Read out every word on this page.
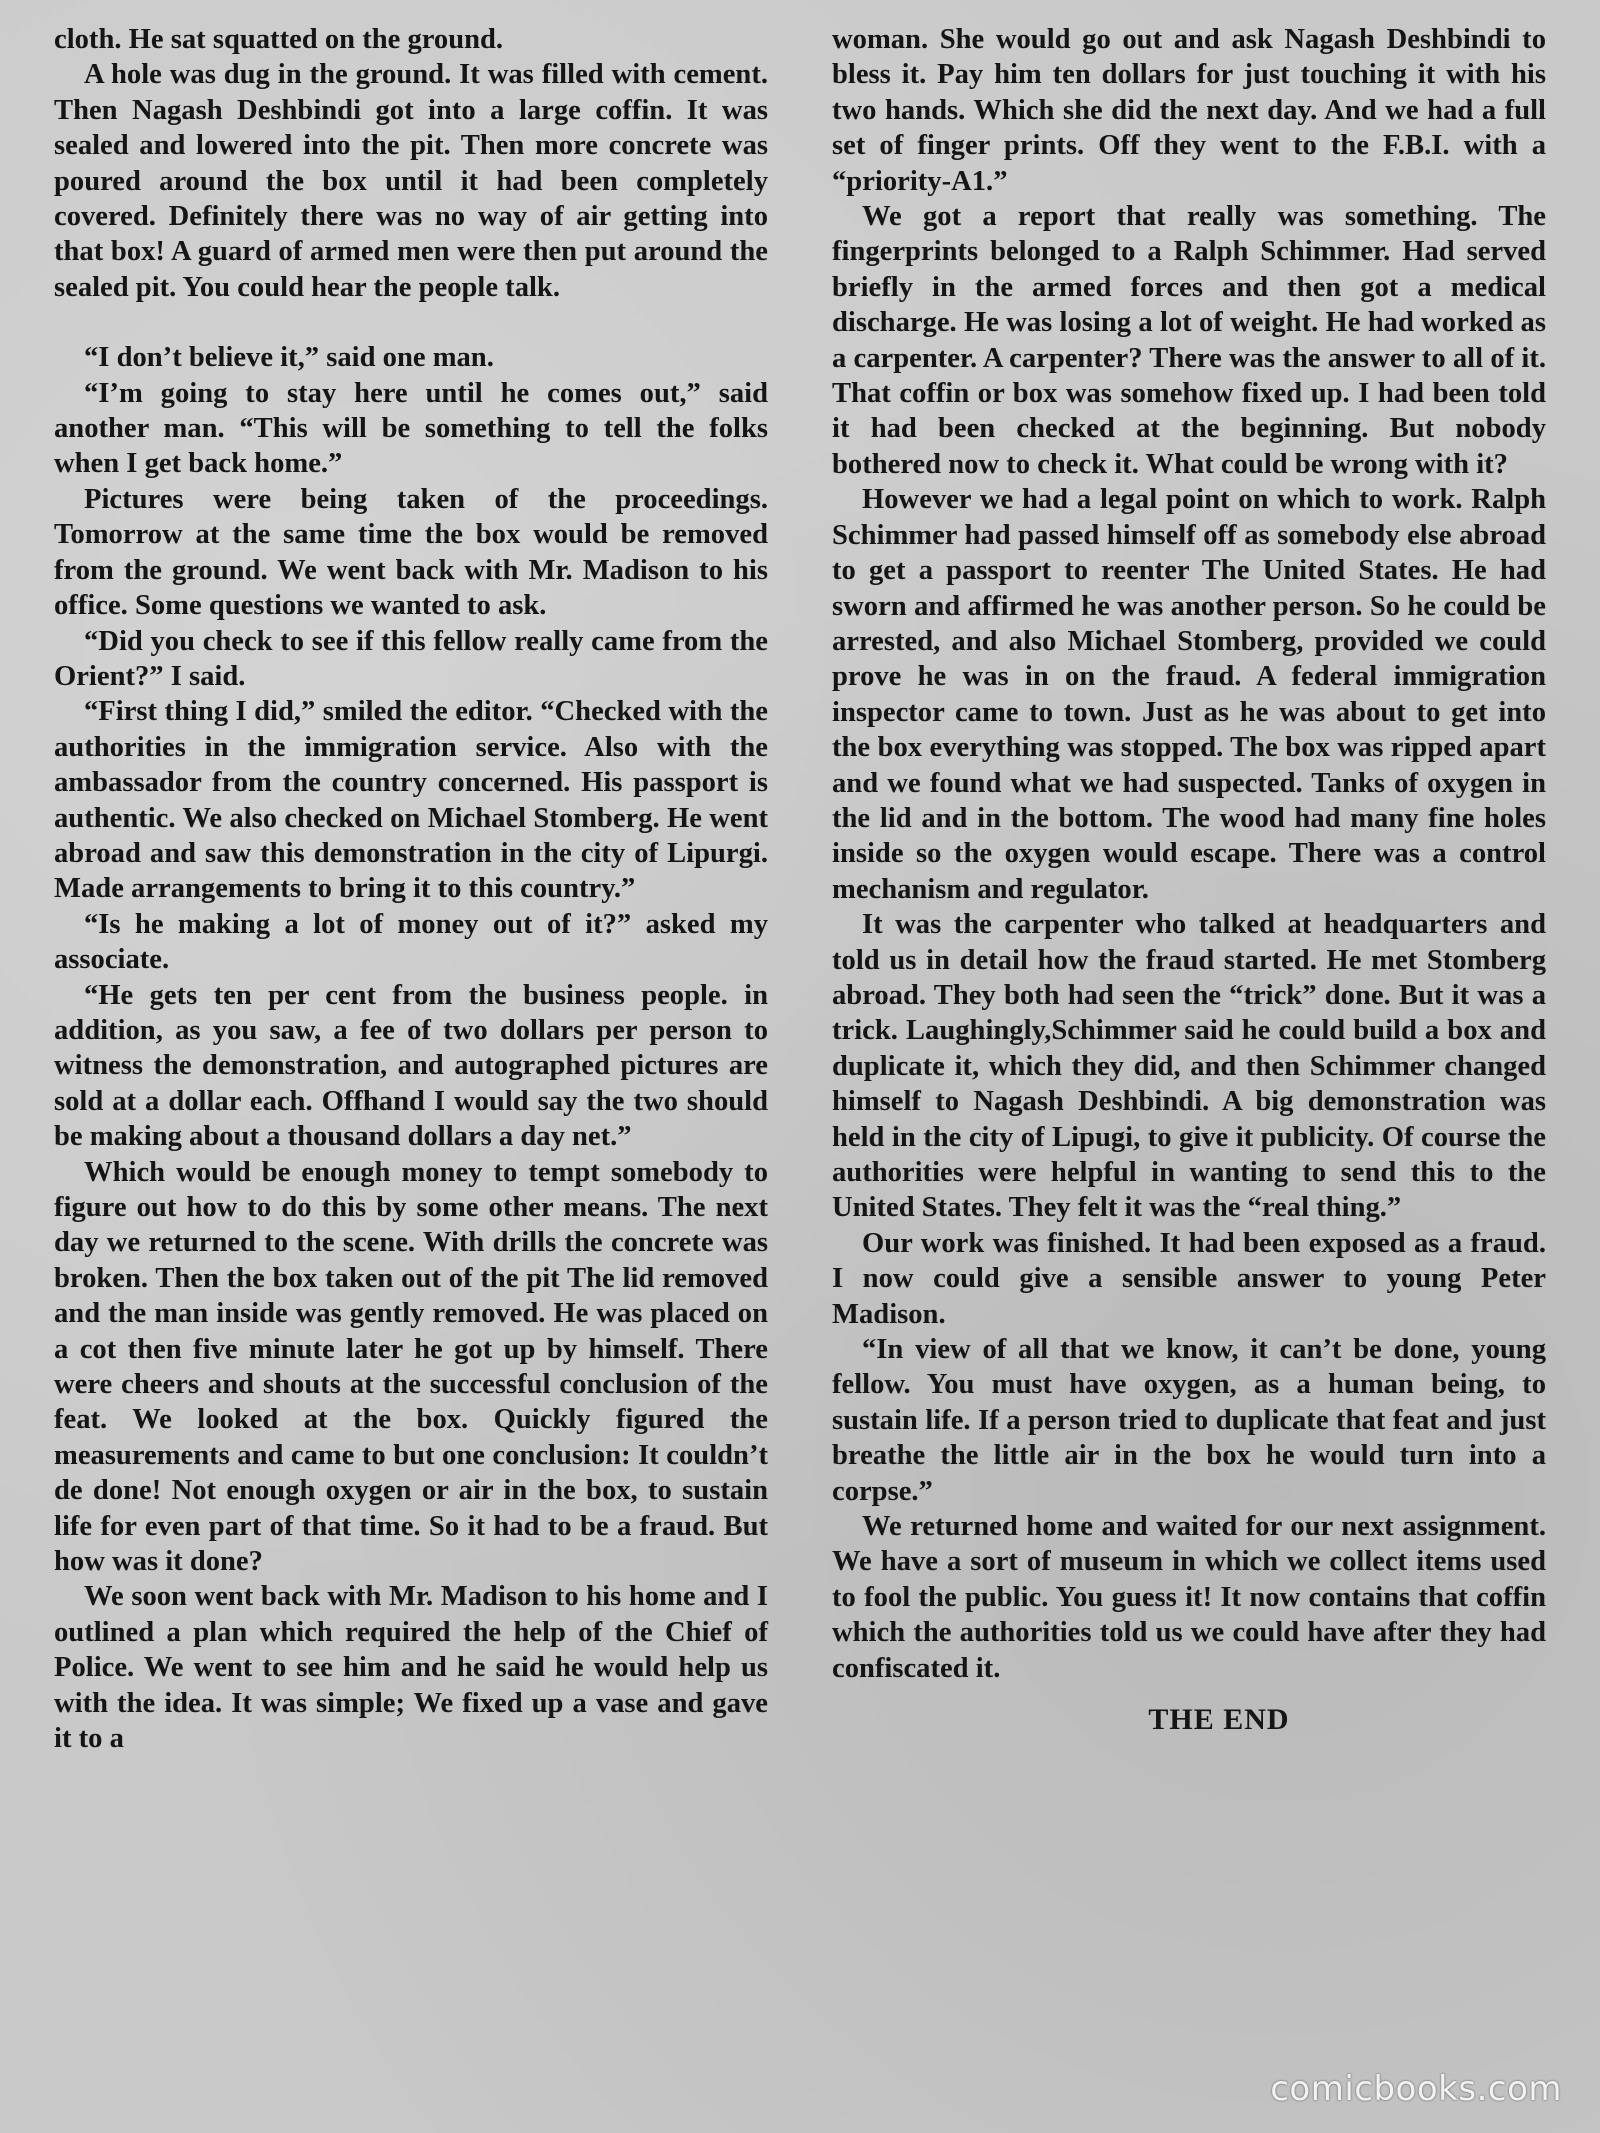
cloth. He sat squatted on the ground.

A hole was dug in the ground. It was filled with cement. Then Nagash Deshbindi got into a large coffin. It was sealed and lowered into the pit. Then more concrete was poured around the box until it had been completely covered. Definitely there was no way of air getting into that box! A guard of armed men were then put around the sealed pit. You could hear the people talk.

“I don’t believe it,” said one man.

“I’m going to stay here until he comes out,” said another man. “This will be something to tell the folks when I get back home.”

Pictures were being taken of the proceedings. Tomorrow at the same time the box would be removed from the ground. We went back with Mr. Madison to his office. Some questions we wanted to ask.

“Did you check to see if this fellow really came from the Orient?” I said.

“First thing I did,” smiled the editor. “Checked with the authorities in the immigration service. Also with the ambassador from the country concerned. His passport is authentic. We also checked on Michael Stomberg. He went abroad and saw this demonstration in the city of Lipurgi. Made arrangements to bring it to this country.”

“Is he making a lot of money out of it?” asked my associate.

“He gets ten per cent from the business people. in addition, as you saw, a fee of two dollars per person to witness the demonstration, and autographed pictures are sold at a dollar each. Offhand I would say the two should be making about a thousand dollars a day net.”

Which would be enough money to tempt somebody to figure out how to do this by some other means. The next day we returned to the scene. With drills the concrete was broken. Then the box taken out of the pit The lid removed and the man inside was gently removed. He was placed on a cot then five minute later he got up by himself. There were cheers and shouts at the successful conclusion of the feat. We looked at the box. Quickly figured the measurements and came to but one conclusion: It couldn’t de done! Not enough oxygen or air in the box, to sustain life for even part of that time. So it had to be a fraud. But how was it done?

We soon went back with Mr. Madison to his home and I outlined a plan which required the help of the Chief of Police. We went to see him and he said he would help us with the idea. It was simple; We fixed up a vase and gave it to a

woman. She would go out and ask Nagash Deshbindi to bless it. Pay him ten dollars for just touching it with his two hands. Which she did the next day. And we had a full set of finger prints. Off they went to the F.B.I. with a “priority-A1.”

We got a report that really was something. The fingerprints belonged to a Ralph Schimmer. Had served briefly in the armed forces and then got a medical discharge. He was losing a lot of weight. He had worked as a carpenter. A carpenter? There was the answer to all of it. That coffin or box was somehow fixed up. I had been told it had been checked at the beginning. But nobody bothered now to check it. What could be wrong with it?

However we had a legal point on which to work. Ralph Schimmer had passed himself off as somebody else abroad to get a passport to reenter The United States. He had sworn and affirmed he was another person. So he could be arrested, and also Michael Stomberg, provided we could prove he was in on the fraud. A federal immigration inspector came to town. Just as he was about to get into the box everything was stopped. The box was ripped apart and we found what we had suspected. Tanks of oxygen in the lid and in the bottom. The wood had many fine holes inside so the oxygen would escape. There was a control mechanism and regulator.

It was the carpenter who talked at headquarters and told us in detail how the fraud started. He met Stomberg abroad. They both had seen the “trick” done. But it was a trick. Laughingly,Schimmer said he could build a box and duplicate it, which they did, and then Schimmer changed himself to Nagash Deshbindi. A big demonstration was held in the city of Lipugi, to give it publicity. Of course the authorities were helpful in wanting to send this to the United States. They felt it was the “real thing.”

Our work was finished. It had been exposed as a fraud. I now could give a sensible answer to young Peter Madison.

“In view of all that we know, it can’t be done, young fellow. You must have oxygen, as a human being, to sustain life. If a person tried to duplicate that feat and just breathe the little air in the box he would turn into a corpse.”

We returned home and waited for our next assignment. We have a sort of museum in which we collect items used to fool the public. You guess it! It now contains that coffin which the authorities told us we could have after they had confiscated it.

THE END
comicbooks.com
